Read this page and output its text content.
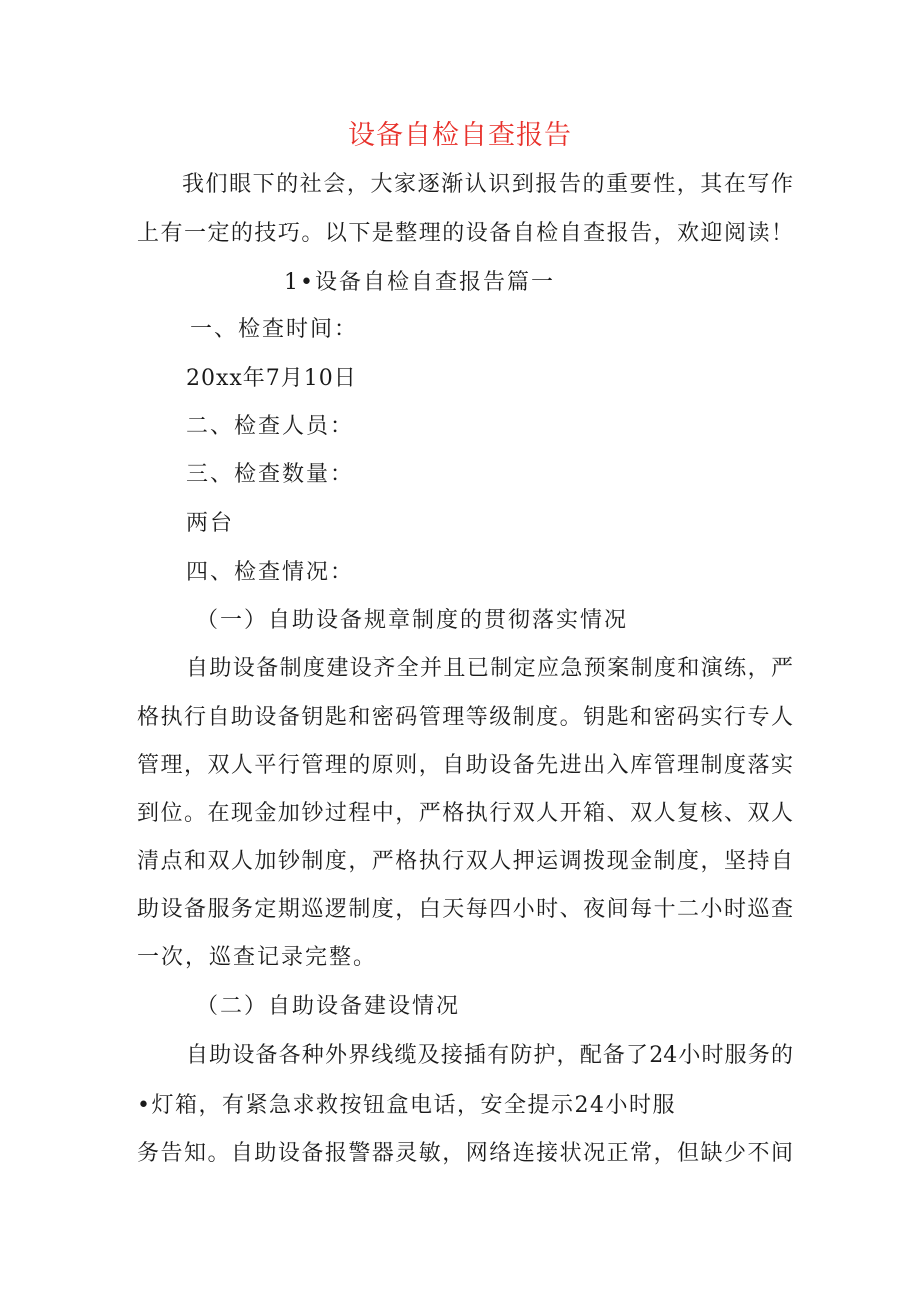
设备自检自查报告
我们眼下的社会，大家逐渐认识到报告的重要性，其在写作
上有一定的技巧。以下是整理的设备自检自查报告，欢迎阅读！
1•设备自检自查报告篇一
一、检查时间：
20xx年7月10日
二、检查人员：
三、检查数量：
两台
四、检查情况：
（一）自助设备规章制度的贯彻落实情况
自助设备制度建设齐全并且已制定应急预案制度和演练，严
格执行自助设备钥匙和密码管理等级制度。钥匙和密码实行专人
管理，双人平行管理的原则，自助设备先进出入库管理制度落实
到位。在现金加钞过程中，严格执行双人开箱、双人复核、双人
清点和双人加钞制度，严格执行双人押运调拨现金制度，坚持自
助设备服务定期巡逻制度，白天每四小时、夜间每十二小时巡查
一次，巡查记录完整。
（二）自助设备建设情况
自助设备各种外界线缆及接插有防护，配备了24小时服务的
•灯箱，有紧急求救按钮盒电话，安全提示24小时服
务告知。自助设备报警器灵敏，网络连接状况正常，但缺少不间
